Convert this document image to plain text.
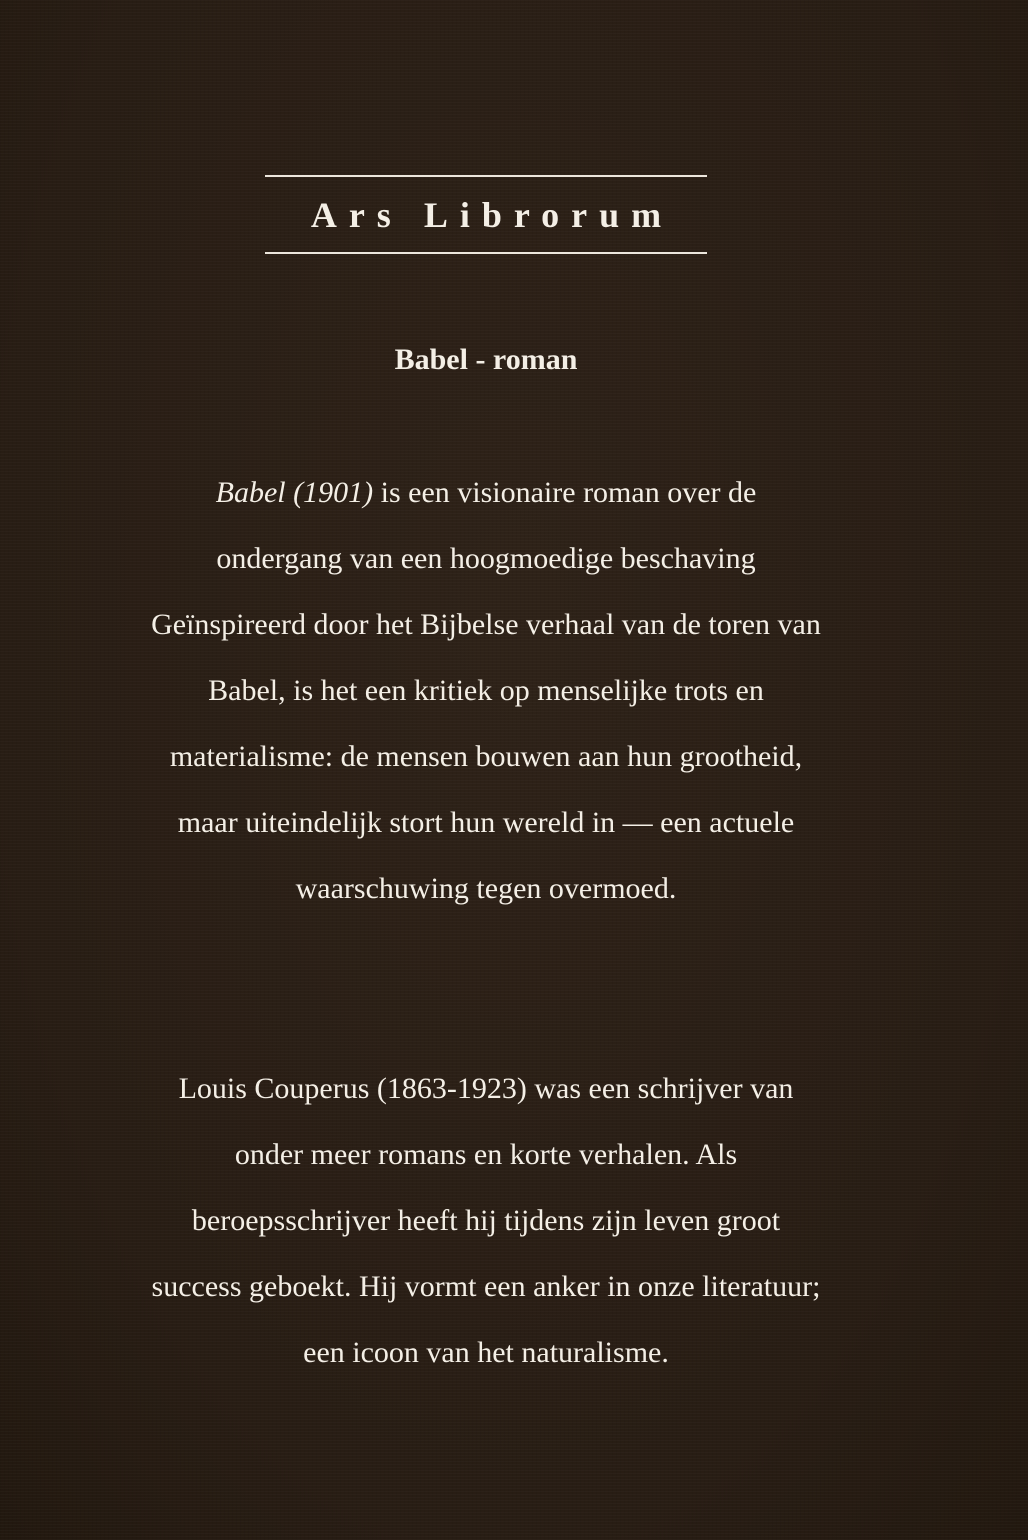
Ars Librorum
Babel - roman

Babel (1901) is een visionaire roman over de ondergang van een hoogmoedige beschaving Geïnspireerd door het Bijbelse verhaal van de toren van Babel, is het een kritiek op menselijke trots en materialisme: de mensen bouwen aan hun grootheid, maar uiteindelijk stort hun wereld in — een actuele waarschuwing tegen overmoed.

Louis Couperus (1863-1923) was een schrijver van onder meer romans en korte verhalen. Als beroepsschrijver heeft hij tijdens zijn leven groot success geboekt. Hij vormt een anker in onze literatuur; een icoon van het naturalisme.
